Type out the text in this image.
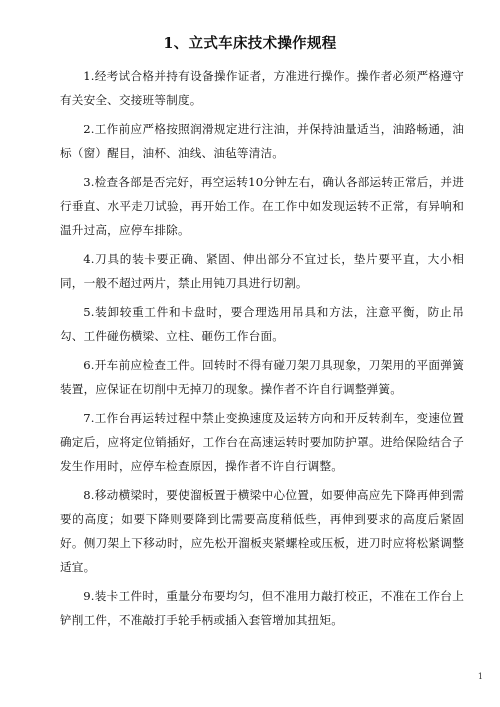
1、立式车床技术操作规程

1.经考试合格并持有设备操作证者，方准进行操作。操作者必须严格遵守有关安全、交接班等制度。

2.工作前应严格按照润滑规定进行注油，并保持油量适当，油路畅通，油标（窗）醒目，油杯、油线、油毡等清洁。

3.检查各部是否完好，再空运转10分钟左右，确认各部运转正常后，并进行垂直、水平走刀试验，再开始工作。在工作中如发现运转不正常，有异响和温升过高，应停车排除。

4.刀具的装卡要正确、紧固、伸出部分不宜过长，垫片要平直，大小相同，一般不超过两片，禁止用钝刀具进行切割。

5.装卸较重工件和卡盘时，要合理选用吊具和方法，注意平衡，防止吊勾、工件碰伤横梁、立柱、砸伤工作台面。

6.开车前应检查工件。回转时不得有碰刀架刀具现象，刀架用的平面弹簧装置，应保证在切削中无掉刀的现象。操作者不许自行调整弹簧。

7.工作台再运转过程中禁止变换速度及运转方向和开反转刹车，变速位置确定后，应将定位销插好，工作台在高速运转时要加防护罩。进给保险结合子发生作用时，应停车检查原因，操作者不许自行调整。

8.移动横梁时，要使溜板置于横梁中心位置，如要伸高应先下降再伸到需要的高度；如要下降则要降到比需要高度稍低些，再伸到要求的高度后紧固好。侧刀架上下移动时，应先松开溜板夹紧螺栓或压板，进刀时应将松紧调整适宜。

9.装卡工件时，重量分布要均匀，但不准用力敲打校正，不准在工作台上铲削工件，不准敲打手轮手柄或插入套管增加其扭矩。

1
